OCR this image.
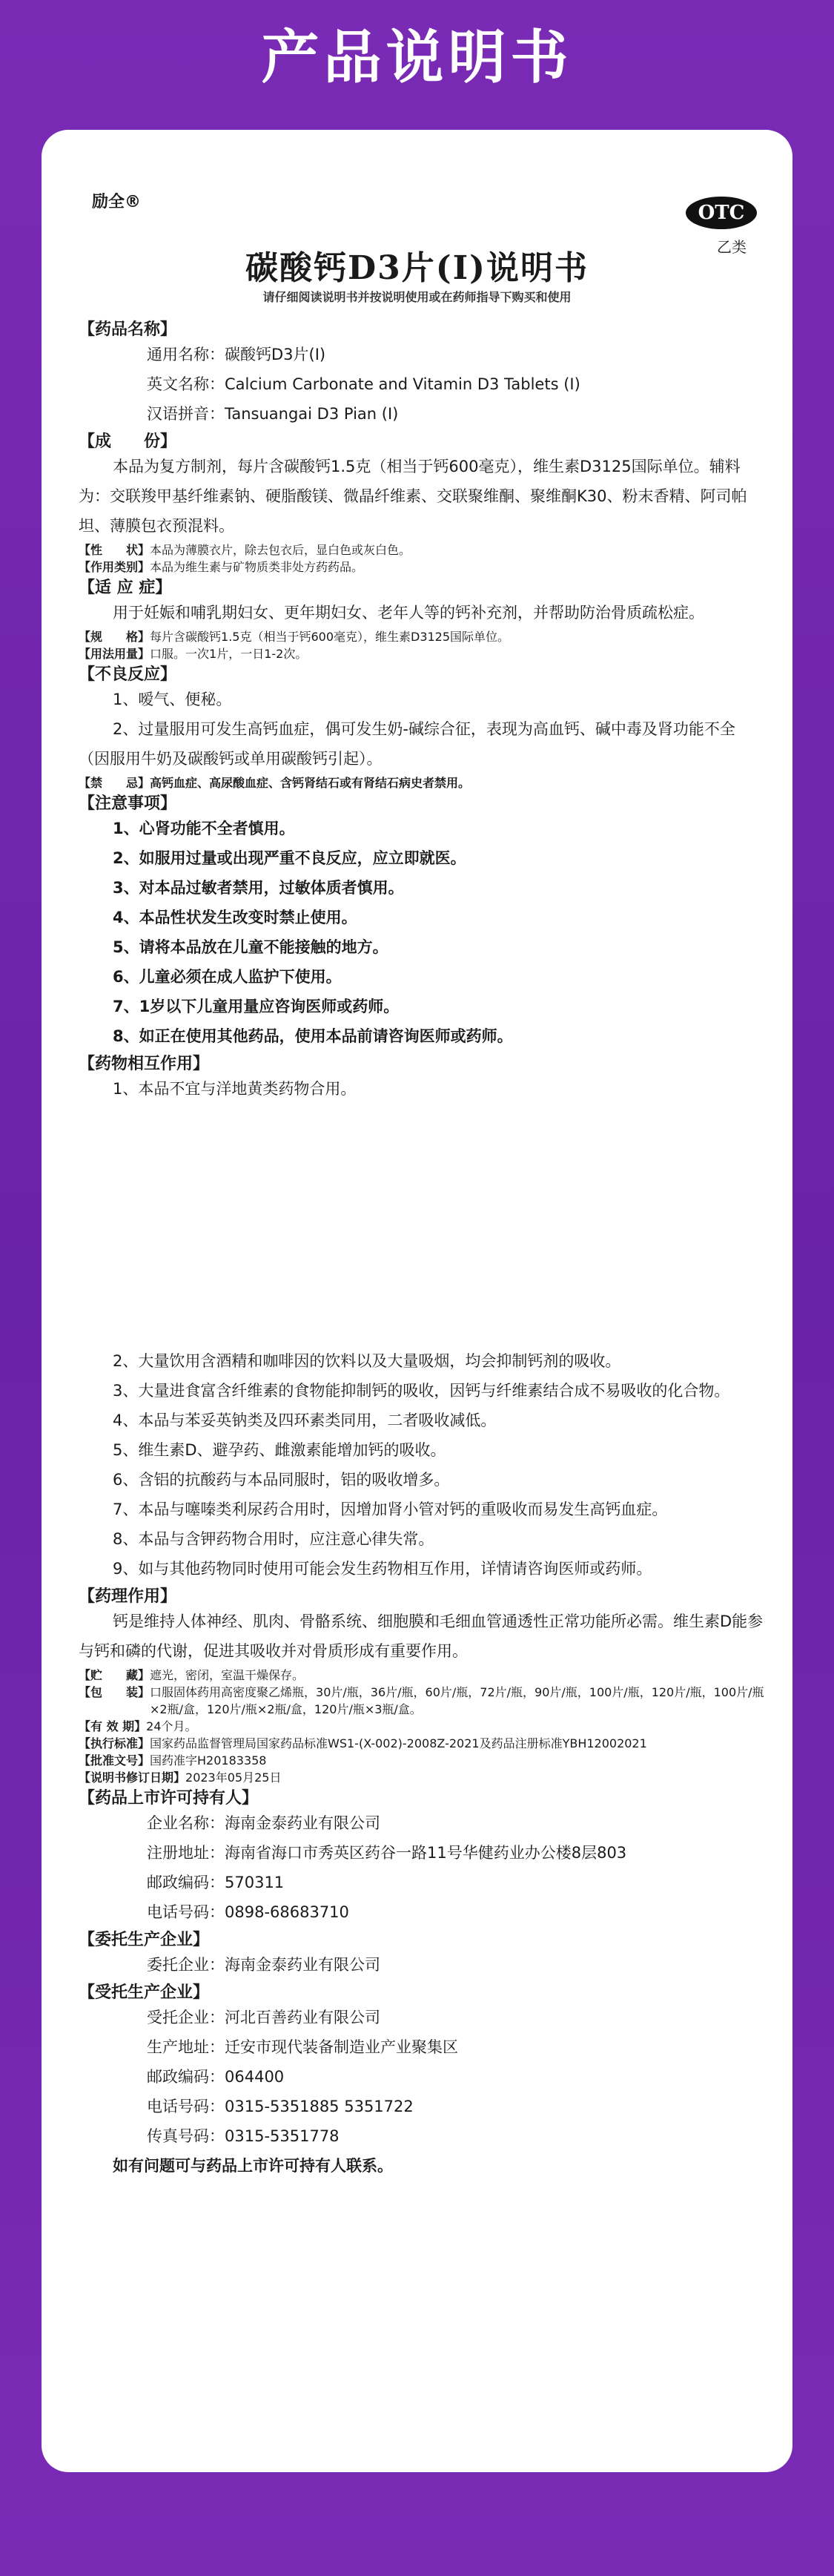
产品说明书
励全®	OTC
乙类
碳酸钙D3片(I)说明书
请仔细阅读说明书并按说明使用或在药师指导下购买和使用
【药品名称】
通用名称：碳酸钙D3片(I)
英文名称：Calcium Carbonate and Vitamin D3 Tablets (I)
汉语拼音：Tansuangai D3 Pian (I)
【成　　份】
本品为复方制剂，每片含碳酸钙1.5克（相当于钙600毫克），维生素D3125国际单位。辅料为：交联羧甲基纤维素钠、硬脂酸镁、微晶纤维素、交联聚维酮、聚维酮K30、粉末香精、阿司帕坦、薄膜包衣预混料。
【性　　状】本品为薄膜衣片，除去包衣后，显白色或灰白色。
【作用类别】本品为维生素与矿物质类非处方药药品。
【适 应 症】
用于妊娠和哺乳期妇女、更年期妇女、老年人等的钙补充剂，并帮助防治骨质疏松症。
【规　　格】每片含碳酸钙1.5克（相当于钙600毫克），维生素D3125国际单位。
【用法用量】口服。一次1片，一日1-2次。
【不良反应】
1、嗳气、便秘。
2、过量服用可发生高钙血症，偶可发生奶-碱综合征，表现为高血钙、碱中毒及肾功能不全（因服用牛奶及碳酸钙或单用碳酸钙引起）。
【禁　　忌】高钙血症、高尿酸血症、含钙肾结石或有肾结石病史者禁用。
【注意事项】
1、心肾功能不全者慎用。
2、如服用过量或出现严重不良反应，应立即就医。
3、对本品过敏者禁用，过敏体质者慎用。
4、本品性状发生改变时禁止使用。
5、请将本品放在儿童不能接触的地方。
6、儿童必须在成人监护下使用。
7、1岁以下儿童用量应咨询医师或药师。
8、如正在使用其他药品，使用本品前请咨询医师或药师。
【药物相互作用】
1、本品不宜与洋地黄类药物合用。
2、大量饮用含酒精和咖啡因的饮料以及大量吸烟，均会抑制钙剂的吸收。
3、大量进食富含纤维素的食物能抑制钙的吸收，因钙与纤维素结合成不易吸收的化合物。
4、本品与苯妥英钠类及四环素类同用，二者吸收减低。
5、维生素D、避孕药、雌激素能增加钙的吸收。
6、含铝的抗酸药与本品同服时，铝的吸收增多。
7、本品与噻嗪类利尿药合用时，因增加肾小管对钙的重吸收而易发生高钙血症。
8、本品与含钾药物合用时，应注意心律失常。
9、如与其他药物同时使用可能会发生药物相互作用，详情请咨询医师或药师。
【药理作用】
钙是维持人体神经、肌肉、骨骼系统、细胞膜和毛细血管通透性正常功能所必需。维生素D能参与钙和磷的代谢，促进其吸收并对骨质形成有重要作用。
【贮　　藏】遮光，密闭，室温干燥保存。
【包　　装】 口服固体药用高密度聚乙烯瓶，30片/瓶，36片/瓶，60片/瓶，72片/瓶，90片/瓶，100片/瓶，120片/瓶，100片/瓶×2瓶/盒，120片/瓶×2瓶/盒，120片/瓶×3瓶/盒。
【有 效 期】24个月。
【执行标准】 国家药品监督管理局国家药品标准WS1-(X-002)-2008Z-2021及药品注册标准YBH12002021
【批准文号】国药准字H20183358
【说明书修订日期】2023年05月25日
【药品上市许可持有人】
企业名称：海南金泰药业有限公司
注册地址：海南省海口市秀英区药谷一路11号华健药业办公楼8层803
邮政编码：570311
电话号码：0898-68683710
【委托生产企业】
委托企业：海南金泰药业有限公司
【受托生产企业】
受托企业：河北百善药业有限公司
生产地址：迁安市现代装备制造业产业聚集区
邮政编码：064400
电话号码：0315-5351885 5351722
传真号码：0315-5351778
如有问题可与药品上市许可持有人联系。
